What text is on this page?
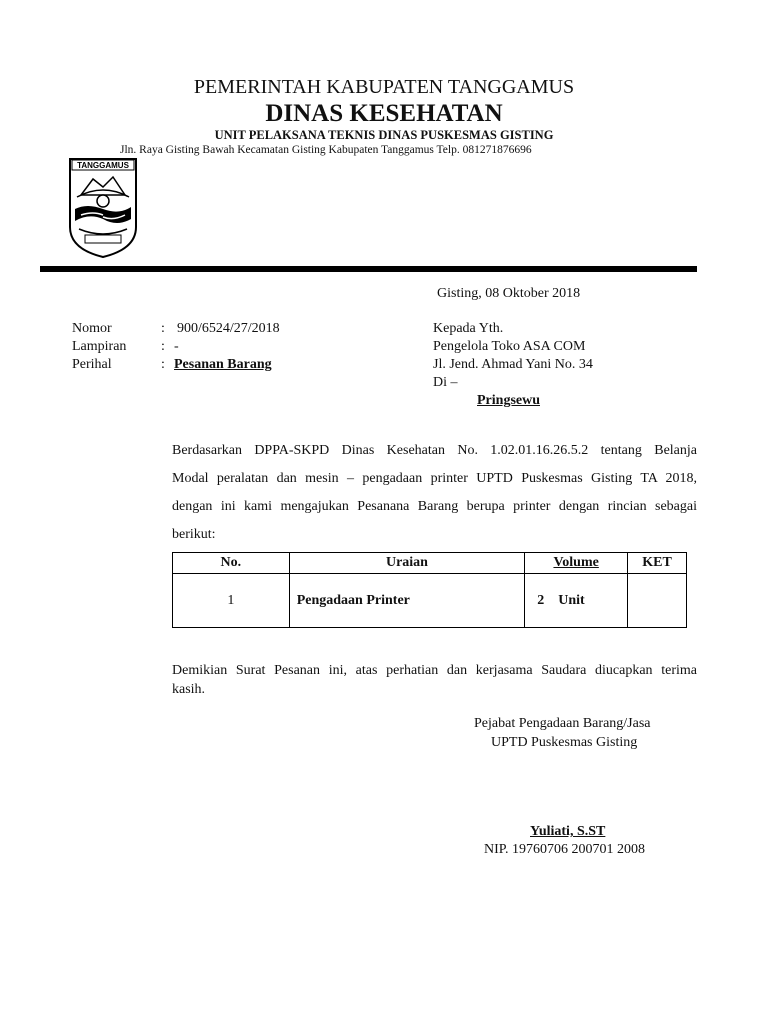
TANGGAMUS
PEMERINTAH KABUPATEN TANGGAMUS
DINAS KESEHATAN
UNIT PELAKSANA TEKNIS DINAS PUSKESMAS GISTING
Jln. Raya Gisting Bawah Kecamatan Gisting Kabupaten Tanggamus Telp. 081271876696
Gisting, 08 Oktober 2018
Nomor	: 900/6524/27/2018
Lampiran : -
Perihal	: Pesanan Barang
Kepada Yth.
Pengelola Toko ASA COM
Jl. Jend. Ahmad Yani No. 34
Di –
Pringsewu
Berdasarkan DPPA-SKPD Dinas Kesehatan No. 1.02.01.16.26.5.2 tentang Belanja
Modal peralatan dan mesin – pengadaan printer UPTD Puskesmas Gisting TA 2018,
dengan ini kami mengajukan Pesanana Barang berupa printer dengan rincian sebagai
berikut:
No.	Uraian	Volume	KET
1	Pengadaan Printer	2 Unit	
Demikian Surat Pesanan ini, atas perhatian dan kerjasama Saudara diucapkan terima
kasih.
Pejabat Pengadaan Barang/Jasa
UPTD Puskesmas Gisting
Yuliati, S.ST
NIP. 19760706 200701 2008
